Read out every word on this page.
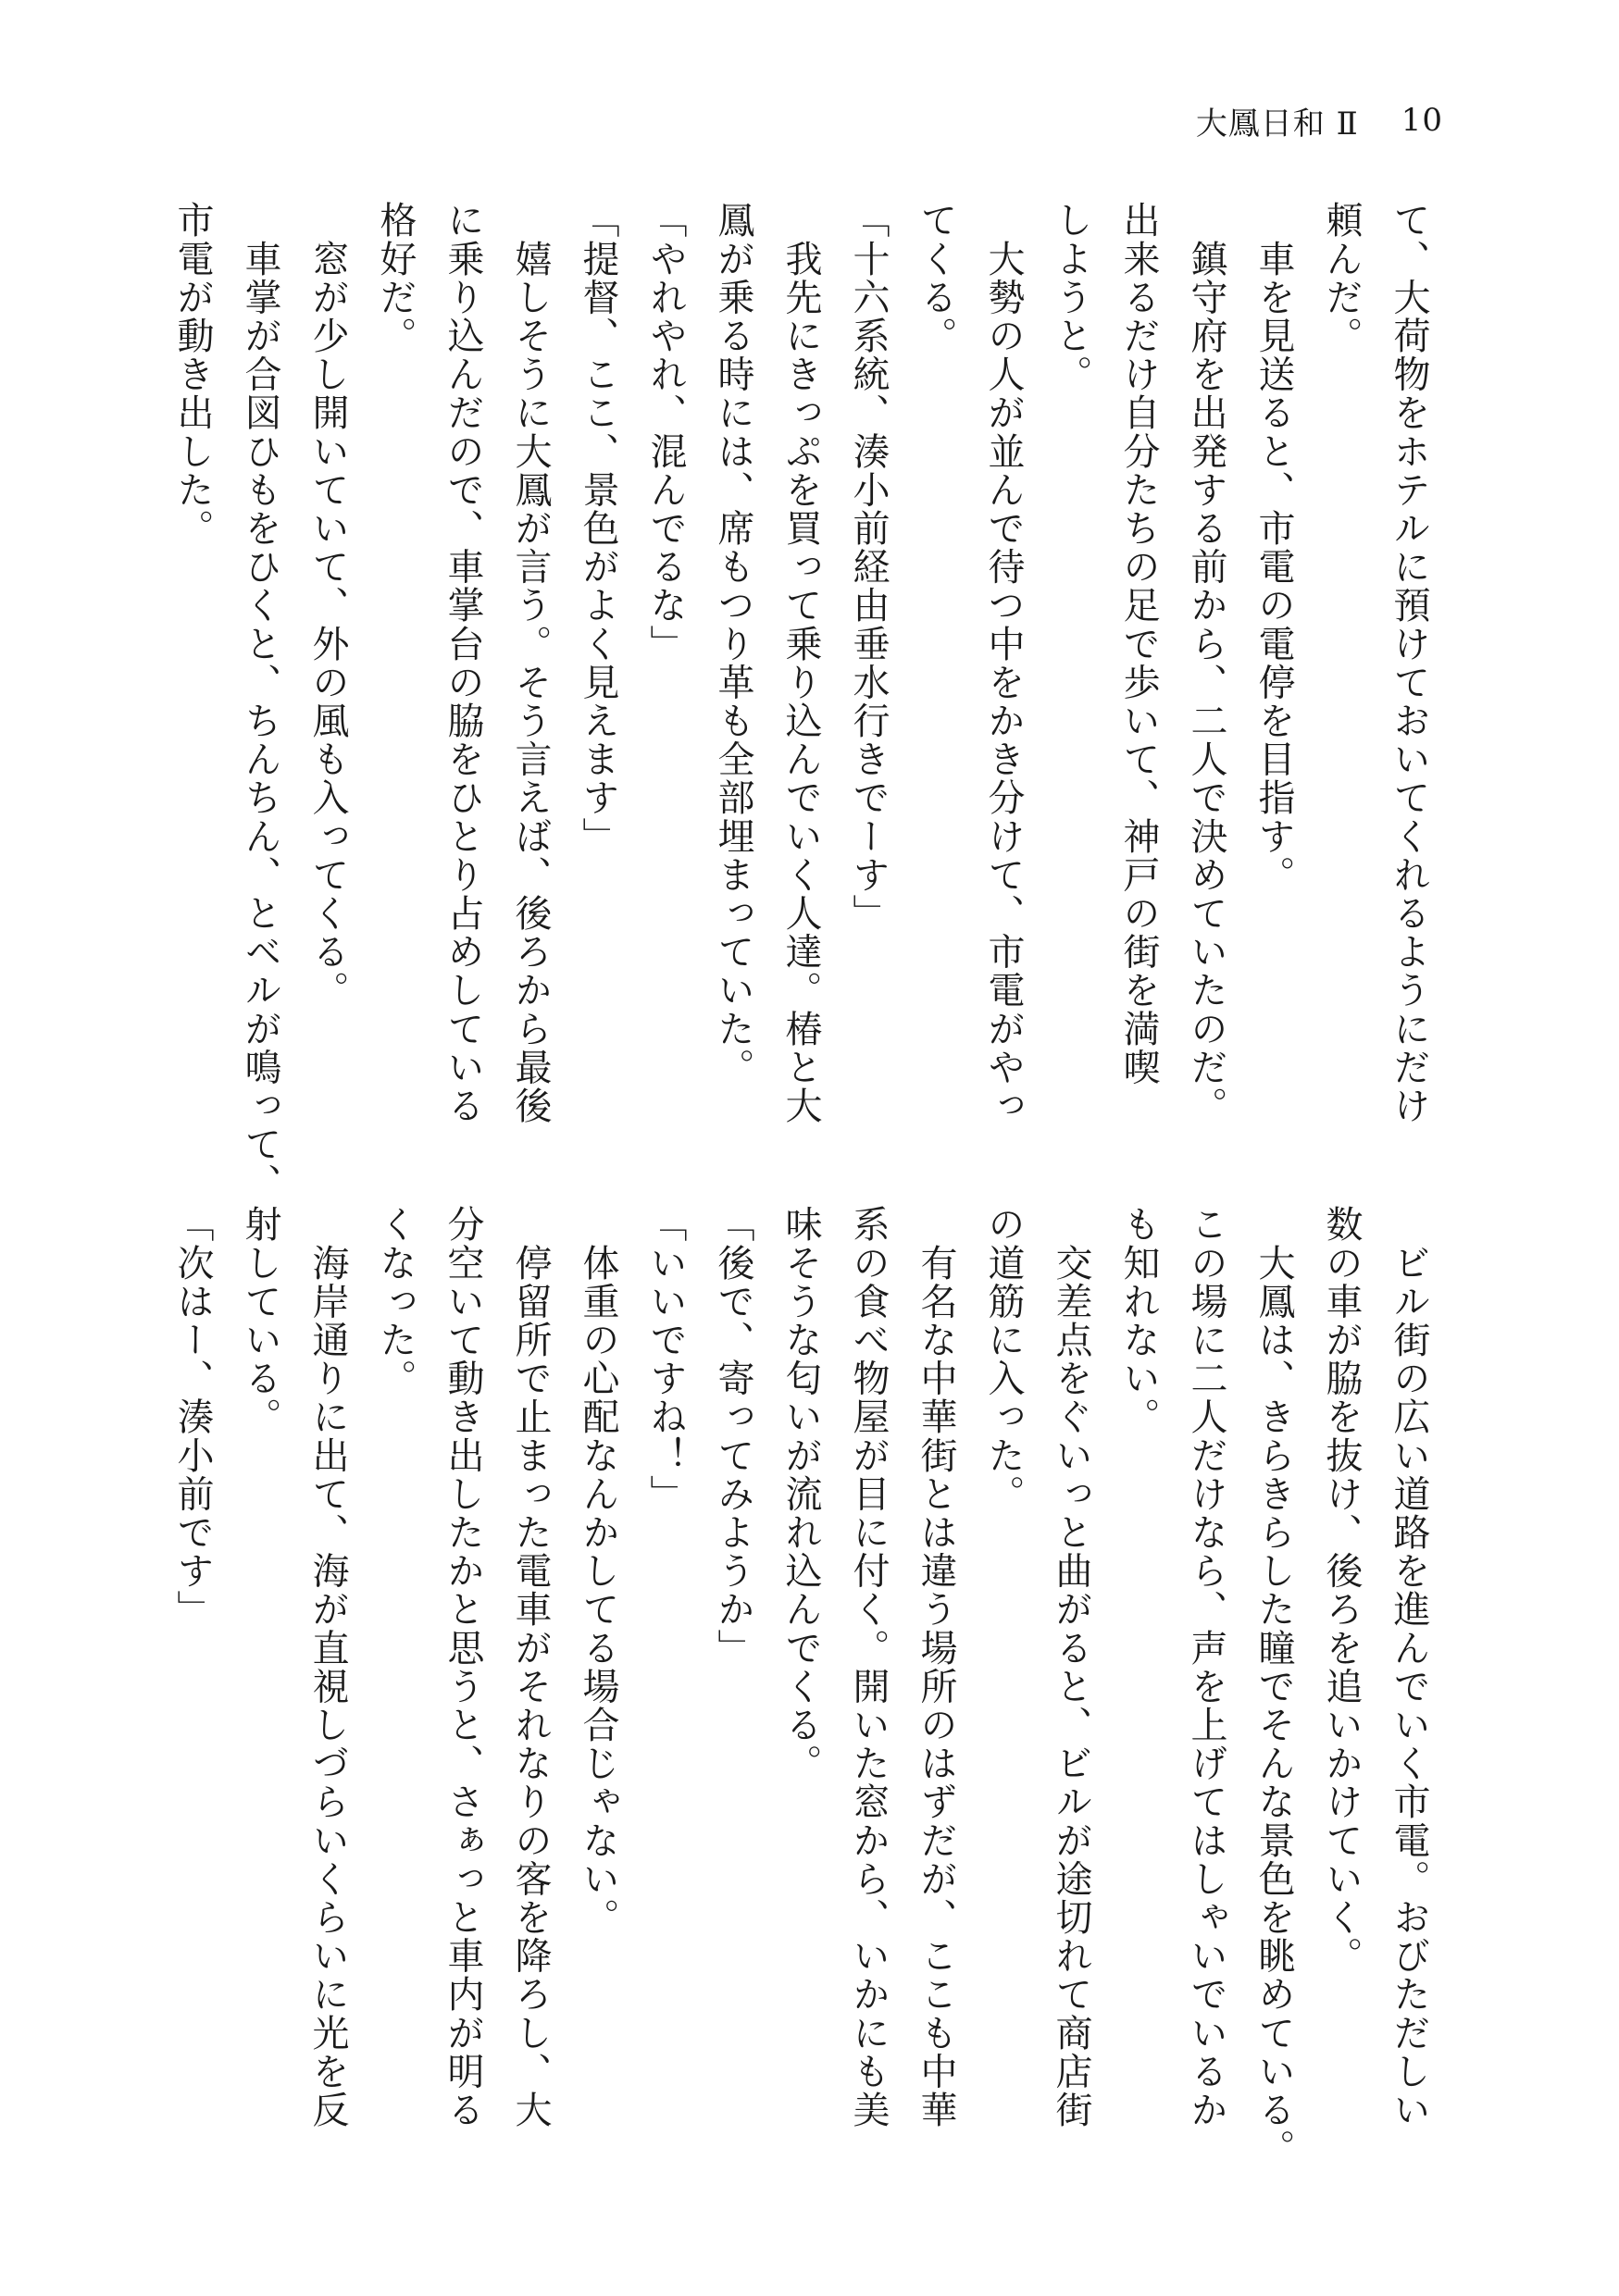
大鳳日和 Ⅱ 10
て、大荷物をホテルに預けておいてくれるようにだけ
頼んだ。
　車を見送ると、市電の電停を目指す。
　鎮守府を出発する前から、二人で決めていたのだ。
出来るだけ自分たちの足で歩いて、神戸の街を満喫
しようと。
　大勢の人が並んで待つ中をかき分けて、市電がやっ
てくる。
「十六系統、湊小前経由垂水行きでーす」
　我先にきっぷを買って乗り込んでいく人達。椿と大
鳳が乗る時には、席もつり革も全部埋まっていた。
「やれやれ、混んでるな」
「提督、ここ、景色がよく見えます」
　嬉しそうに大鳳が言う。そう言えば、後ろから最後
に乗り込んだので、車掌台の脇をひとり占めしている
格好だ。
　窓が少し開いていて、外の風も入ってくる。
　車掌が合図ひもをひくと、ちんちん、とベルが鳴って、
市電が動き出した。
　ビル街の広い道路を進んでいく市電。おびただしい
数の車が脇を抜け、後ろを追いかけていく。
　大鳳は、きらきらした瞳でそんな景色を眺めている。
この場に二人だけなら、声を上げてはしゃいでいるか
も知れない。
　交差点をぐいっと曲がると、ビルが途切れて商店街
の道筋に入った。
　有名な中華街とは違う場所のはずだが、ここも中華
系の食べ物屋が目に付く。開いた窓から、いかにも美
味そうな匂いが流れ込んでくる。
「後で、寄ってみようか」
「いいですね！」
　体重の心配なんかしてる場合じゃない。
　停留所で止まった電車がそれなりの客を降ろし、大
分空いて動き出したかと思うと、さぁっと車内が明る
くなった。
　海岸通りに出て、海が直視しづらいくらいに光を反
射している。
「次はー、湊小前です」
